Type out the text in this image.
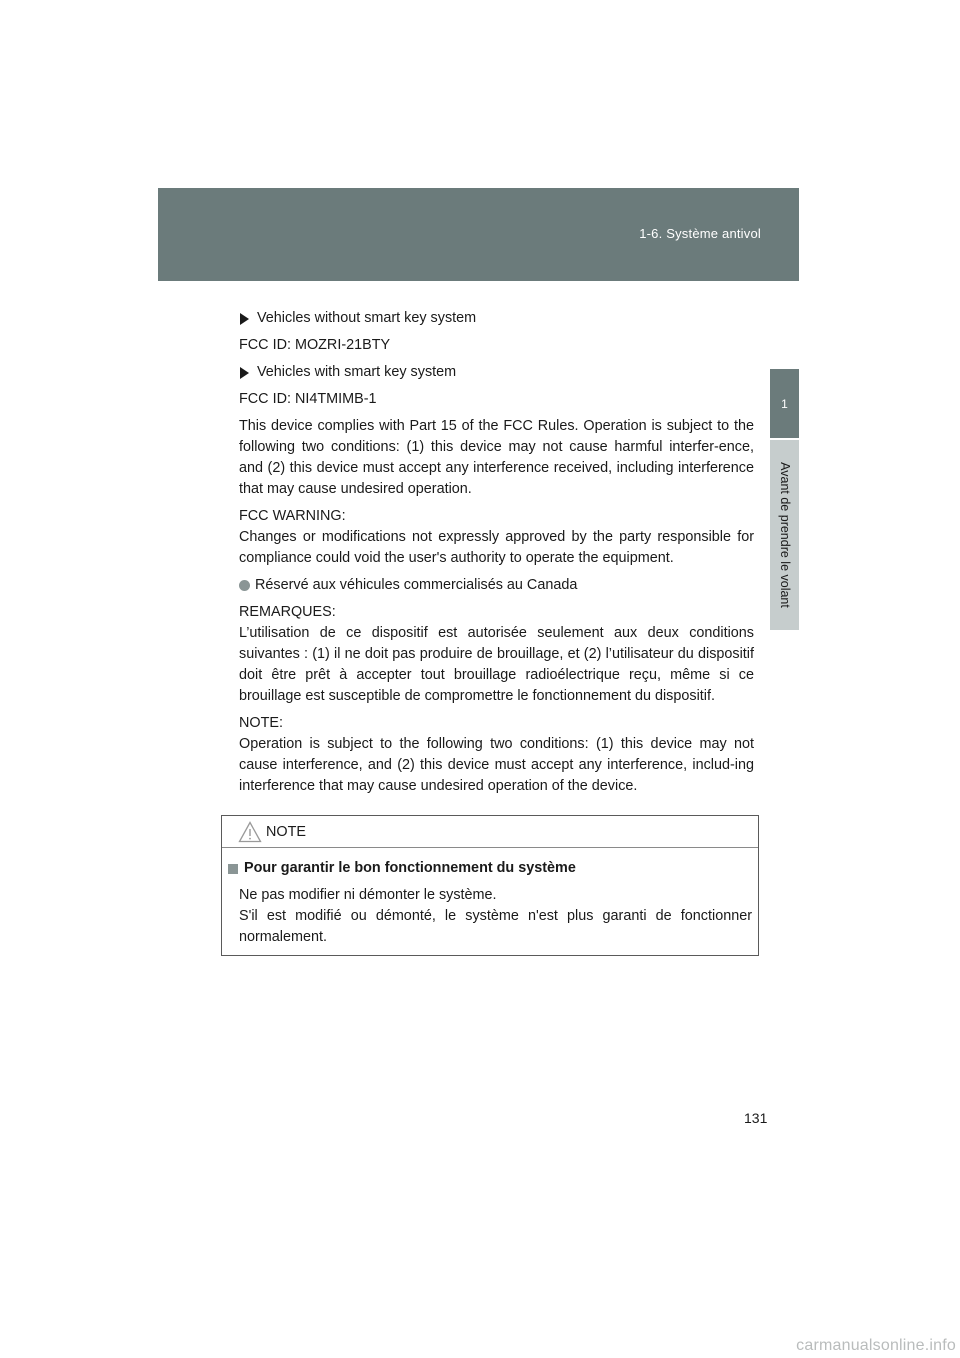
1-6. Système antivol
1
Avant de prendre le volant
Vehicles without smart key system

FCC ID: MOZRI-21BTY

Vehicles with smart key system

FCC ID: NI4TMIMB-1

This device complies with Part 15 of the FCC Rules. Operation is subject to the following two conditions: (1) this device may not cause harmful interfer-ence, and (2) this device must accept any interference received, including interference that may cause undesired operation.

FCC WARNING:
Changes or modifications not expressly approved by the party responsible for compliance could void the user's authority to operate the equipment.

Réservé aux véhicules commercialisés au Canada

REMARQUES:
L’utilisation de ce dispositif est autorisée seulement aux deux conditions suivantes : (1) il ne doit pas produire de brouillage, et (2) l’utilisateur du dispositif doit être prêt à accepter tout brouillage radioélectrique reçu, même si ce brouillage est susceptible de compromettre le fonctionnement du dispositif.

NOTE:
Operation is subject to the following two conditions: (1) this device may not cause interference, and (2) this device must accept any interference, includ-ing interference that may cause undesired operation of the device.

NOTE
Pour garantir le bon fonctionnement du système

Ne pas modifier ni démonter le système.
S'il est modifié ou démonté, le système n'est plus garanti de fonctionner normalement.

131
carmanualsonline.info
